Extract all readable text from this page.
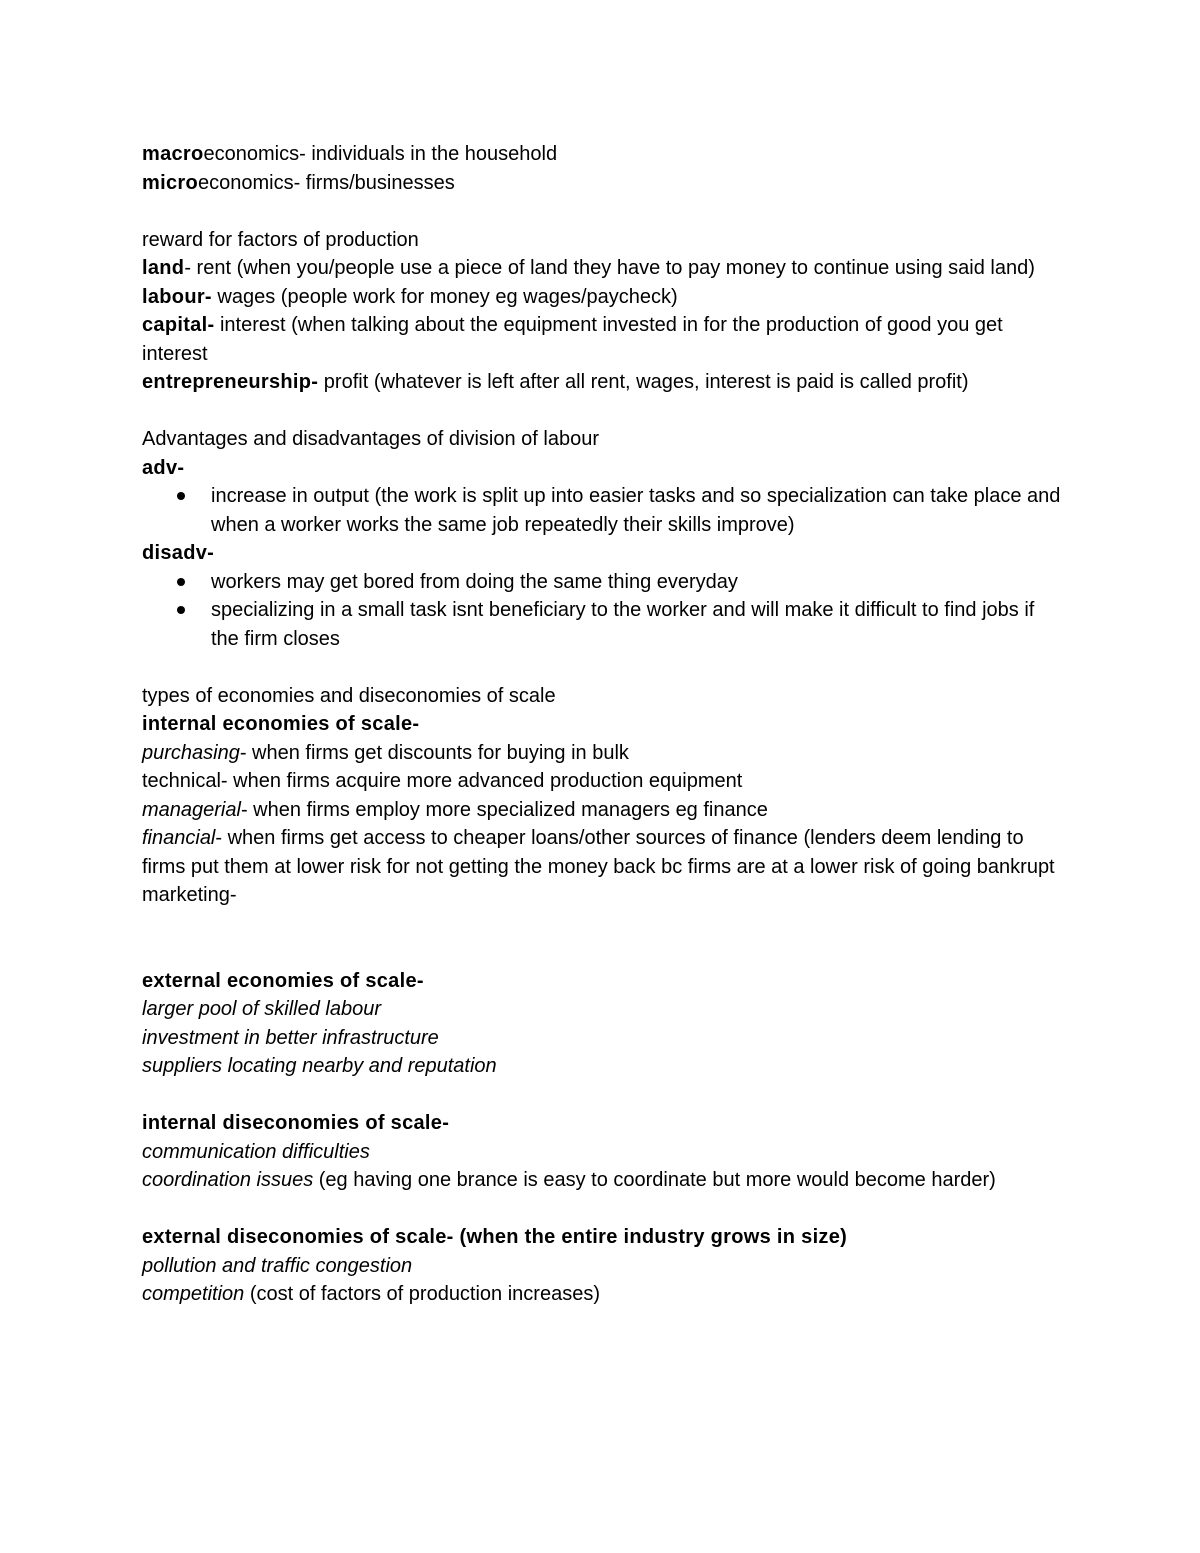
macroeconomics- individuals in the household

microeconomics- firms/businesses

reward for factors of production

land- rent (when you/people use a piece of land they have to pay money to continue using said land)

labour- wages (people work for money eg wages/paycheck)

capital- interest (when talking about the equipment invested in for the production of good you get interest

entrepreneurship- profit (whatever is left after all rent, wages, interest is paid is called profit)

Advantages and disadvantages of division of labour

adv-

increase in output (the work is split up into easier tasks and so specialization can take place and when a worker works the same job repeatedly their skills improve)

disadv-

workers may get bored from doing the same thing everyday
specializing in a small task isnt beneficiary to the worker and will make it difficult to find jobs if the firm closes

types of economies and diseconomies of scale

internal economies of scale-

purchasing- when firms get discounts for buying in bulk

technical- when firms acquire more advanced production equipment

managerial- when firms employ more specialized managers eg finance

financial- when firms get access to cheaper loans/other sources of finance (lenders deem lending to firms put them at lower risk for not getting the money back bc firms are at a lower risk of going bankrupt

marketing-

external economies of scale-

larger pool of skilled labour

investment in better infrastructure

suppliers locating nearby and reputation

internal diseconomies of scale-

communication difficulties

coordination issues (eg having one brance is easy to coordinate but more would become harder)

external diseconomies of scale- (when the entire industry grows in size)

pollution and traffic congestion

competition (cost of factors of production increases)
